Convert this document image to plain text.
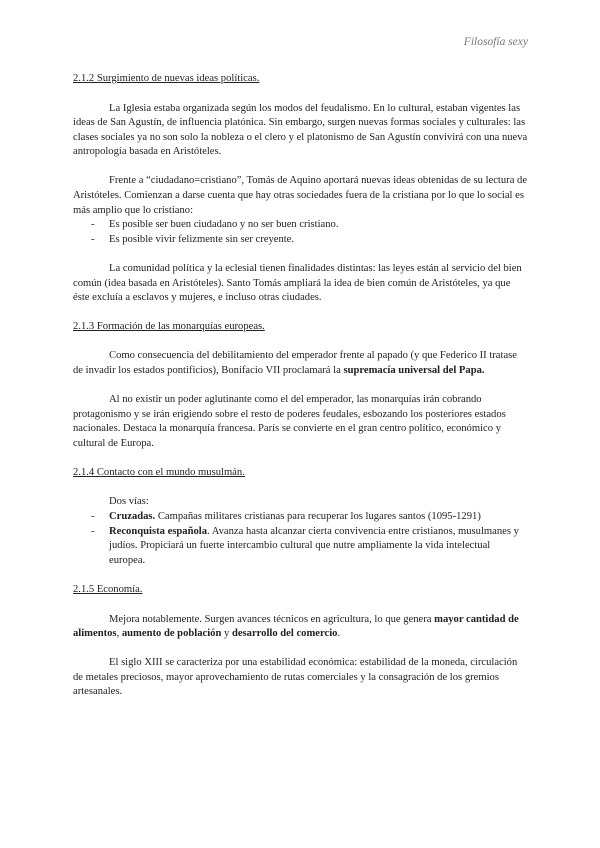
Filosofía sexy
2.1.2 Surgimiento de nuevas ideas políticas.
La Iglesia estaba organizada según los modos del feudalismo. En lo cultural, estaban vigentes las ideas de San Agustín, de influencia platónica. Sin embargo, surgen nuevas formas sociales y culturales: las clases sociales ya no son solo la nobleza o el clero y el platonismo de San Agustín convivirá con una nueva antropología basada en Aristóteles.
Frente a “ciudadano=cristiano”, Tomás de Aquino aportará nuevas ideas obtenidas de su lectura de Aristóteles. Comienzan a darse cuenta que hay otras sociedades fuera de la cristiana por lo que lo social es más amplio que lo cristiano:
- Es posible ser buen ciudadano y no ser buen cristiano.
- Es posible vivir felizmente sin ser creyente.
La comunidad política y la eclesial tienen finalidades distintas: las leyes están al servicio del bien común (idea basada en Aristóteles). Santo Tomás ampliará la idea de bien común de Aristóteles, ya que éste excluía a esclavos y mujeres, e incluso otras ciudades.
2.1.3 Formación de las monarquías europeas.
Como consecuencia del debilitamiento del emperador frente al papado (y que Federico II tratase de invadir los estados pontificios), Bonifacio VII proclamará la supremacía universal del Papa.
Al no existir un poder aglutinante como el del emperador, las monarquías irán cobrando protagonismo y se irán erigiendo sobre el resto de poderes feudales, esbozando los posteriores estados nacionales. Destaca la monarquía francesa. París se convierte en el gran centro político, económico y cultural de Europa.
2.1.4 Contacto con el mundo musulmán.
Dos vías:
- Cruzadas. Campañas militares cristianas para recuperar los lugares santos (1095-1291)
- Reconquista española. Avanza hasta alcanzar cierta convivencia entre cristianos, musulmanes y judíos. Propiciará un fuerte intercambio cultural que nutre ampliamente la vida intelectual europea.
2.1.5 Economía.
Mejora notablemente. Surgen avances técnicos en agricultura, lo que genera mayor cantidad de alimentos, aumento de población y desarrollo del comercio.
El siglo XIII se caracteriza por una estabilidad económica: estabilidad de la moneda, circulación de metales preciosos, mayor aprovechamiento de rutas comerciales y la consagración de los gremios artesanales.
